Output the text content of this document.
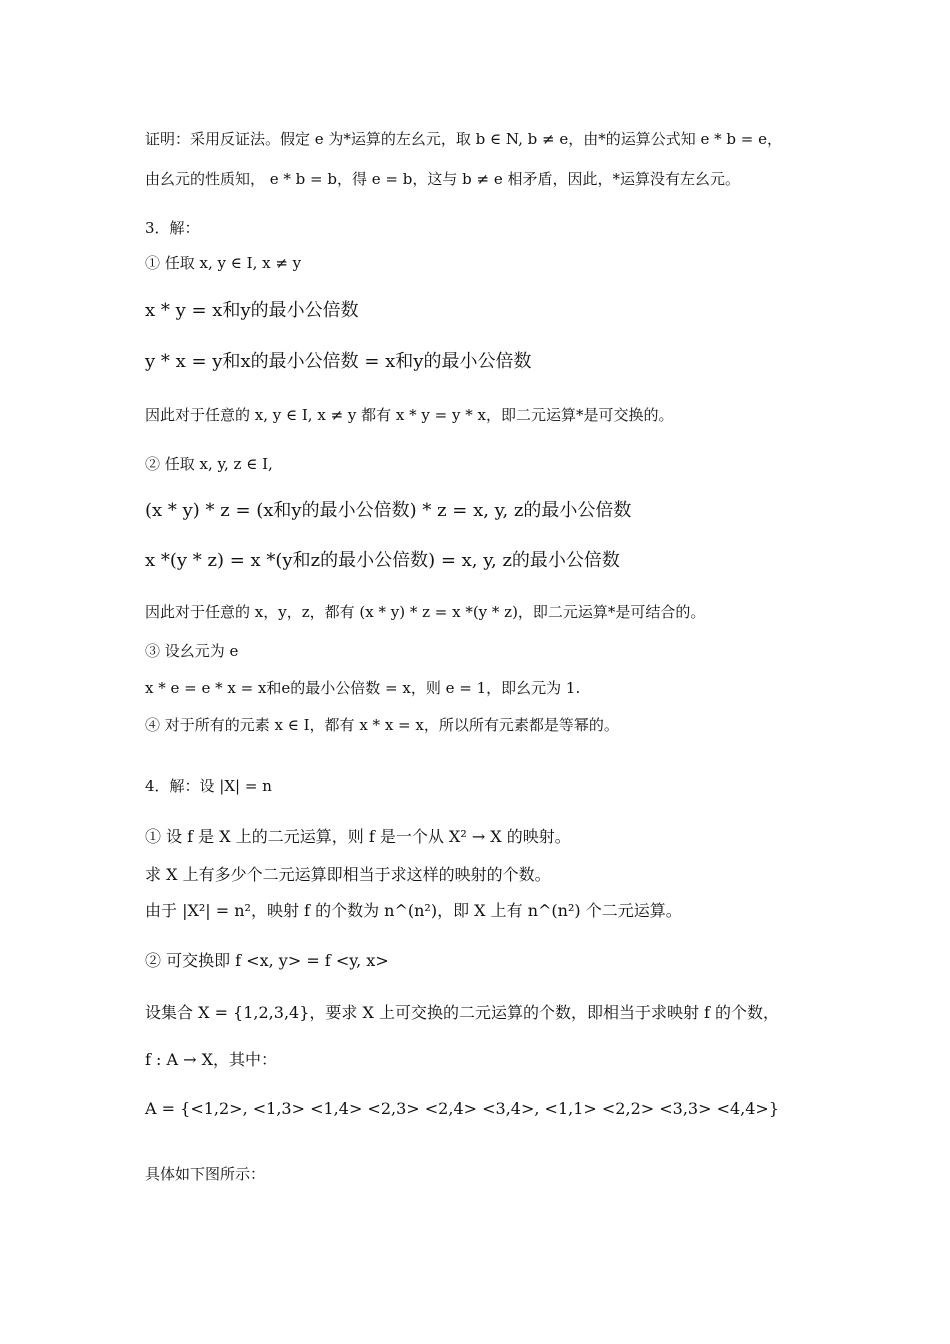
证明：采用反证法。假定 e 为*运算的左幺元，取 b ∈ N, b ≠ e，由*的运算公式知 e * b = e，
由幺元的性质知， e * b = b，得 e = b，这与 b ≠ e 相矛盾，因此，*运算没有左幺元。
3．解：
① 任取 x, y ∈ I, x ≠ y
x * y = x和y的最小公倍数
y * x = y和x的最小公倍数 = x和y的最小公倍数
因此对于任意的 x, y ∈ I, x ≠ y 都有 x * y = y * x，即二元运算*是可交换的。
② 任取 x, y, z ∈ I,
(x * y) * z = (x和y的最小公倍数) * z = x, y, z的最小公倍数
x *(y * z) = x *(y和z的最小公倍数) = x, y, z的最小公倍数
因此对于任意的 x，y，z，都有 (x * y) * z = x *(y * z)，即二元运算*是可结合的。
③ 设幺元为 e
x * e = e * x = x和e的最小公倍数 = x，则 e = 1，即幺元为 1.
④ 对于所有的元素 x ∈ I，都有 x * x = x，所以所有元素都是等幂的。
4．解：设 |X| = n
① 设 f 是 X 上的二元运算，则 f 是一个从 X² → X 的映射。
求 X 上有多少个二元运算即相当于求这样的映射的个数。
由于 |X²| = n²，映射 f 的个数为 n^(n²)，即 X 上有 n^(n²) 个二元运算。
② 可交换即 f <x, y> = f <y, x>
设集合 X = {1,2,3,4}，要求 X 上可交换的二元运算的个数，即相当于求映射 f 的个数，
f : A → X，其中：
A = {<1,2>, <1,3> <1,4> <2,3> <2,4> <3,4>, <1,1> <2,2> <3,3> <4,4>}
具体如下图所示：
